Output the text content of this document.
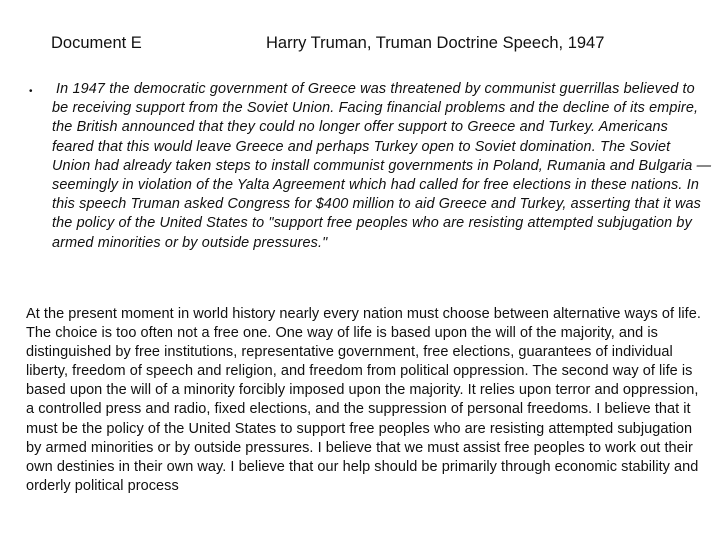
Document E	Harry Truman, Truman Doctrine Speech, 1947
• In 1947 the democratic government of Greece was threatened by communist guerrillas believed to be receiving support from the Soviet Union. Facing financial problems and the decline of its empire, the British announced that they could no longer offer support to Greece and Turkey. Americans feared that this would leave Greece and perhaps Turkey open to Soviet domination. The Soviet Union had already taken steps to install communist governments in Poland, Rumania and Bulgaria — seemingly in violation of the Yalta Agreement which had called for free elections in these nations. In this speech Truman asked Congress for $400 million to aid Greece and Turkey, asserting that it was the policy of the United States to "support free peoples who are resisting attempted subjugation by armed minorities or by outside pressures."
At the present moment in world history nearly every nation must choose between alternative ways of life. The choice is too often not a free one. One way of life is based upon the will of the majority, and is distinguished by free institutions, representative government, free elections, guarantees of individual liberty, freedom of speech and religion, and freedom from political oppression. The second way of life is based upon the will of a minority forcibly imposed upon the majority. It relies upon terror and oppression, a controlled press and radio, fixed elections, and the suppression of personal freedoms. I believe that it must be the policy of the United States to support free peoples who are resisting attempted subjugation by armed minorities or by outside pressures. I believe that we must assist free peoples to work out their own destinies in their own way. I believe that our help should be primarily through economic stability and orderly political process
